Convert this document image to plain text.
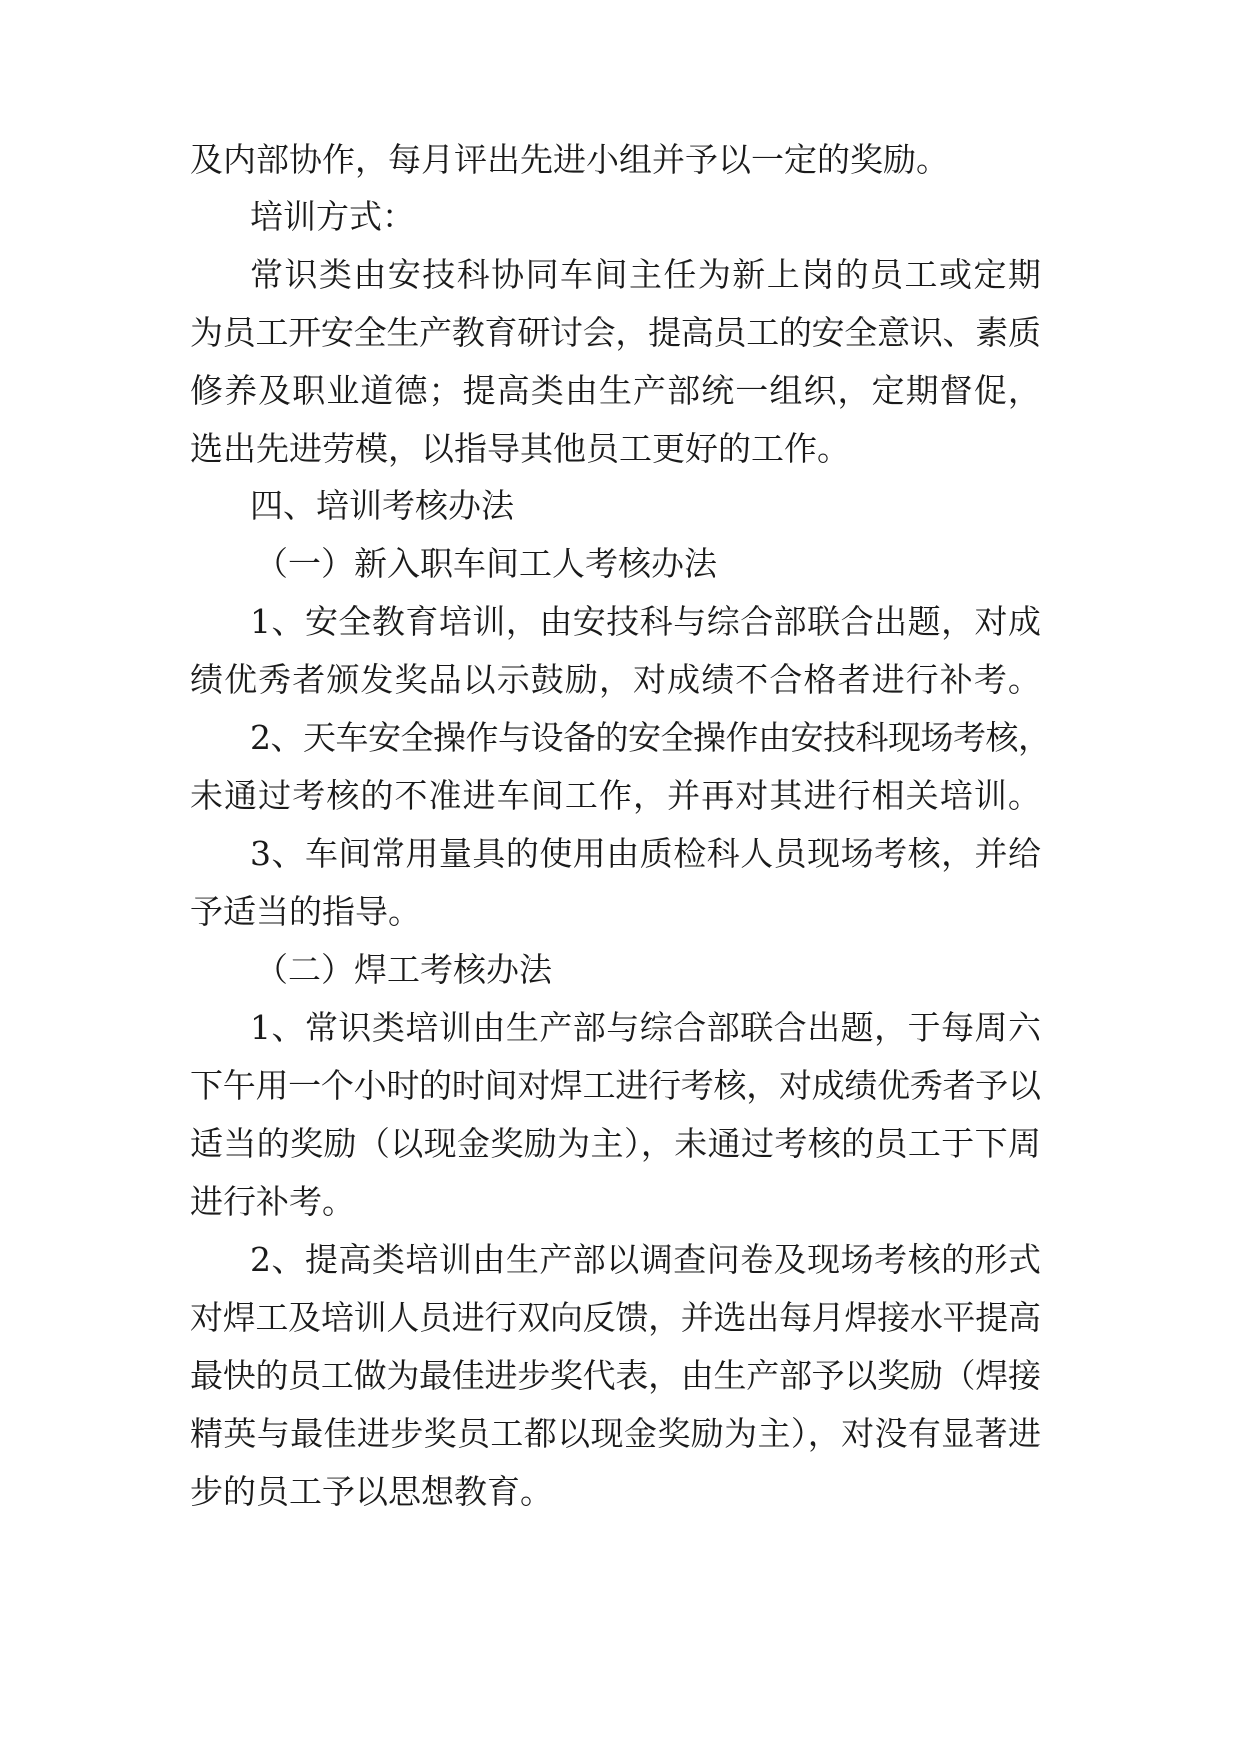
及内部协作，每月评出先进小组并予以一定的奖励。
培训方式：
常识类由安技科协同车间主任为新上岗的员工或定期
为员工开安全生产教育研讨会，提高员工的安全意识、素质
修养及职业道德；提高类由生产部统一组织，定期督促，
选出先进劳模，以指导其他员工更好的工作。
四、培训考核办法
（一）新入职车间工人考核办法
1、安全教育培训，由安技科与综合部联合出题，对成
绩优秀者颁发奖品以示鼓励，对成绩不合格者进行补考。
2、天车安全操作与设备的安全操作由安技科现场考核，
未通过考核的不准进车间工作，并再对其进行相关培训。
3、车间常用量具的使用由质检科人员现场考核，并给
予适当的指导。
（二）焊工考核办法
1、常识类培训由生产部与综合部联合出题，于每周六
下午用一个小时的时间对焊工进行考核，对成绩优秀者予以
适当的奖励（以现金奖励为主），未通过考核的员工于下周
进行补考。
2、提高类培训由生产部以调查问卷及现场考核的形式
对焊工及培训人员进行双向反馈，并选出每月焊接水平提高
最快的员工做为最佳进步奖代表，由生产部予以奖励（焊接
精英与最佳进步奖员工都以现金奖励为主），对没有显著进
步的员工予以思想教育。
